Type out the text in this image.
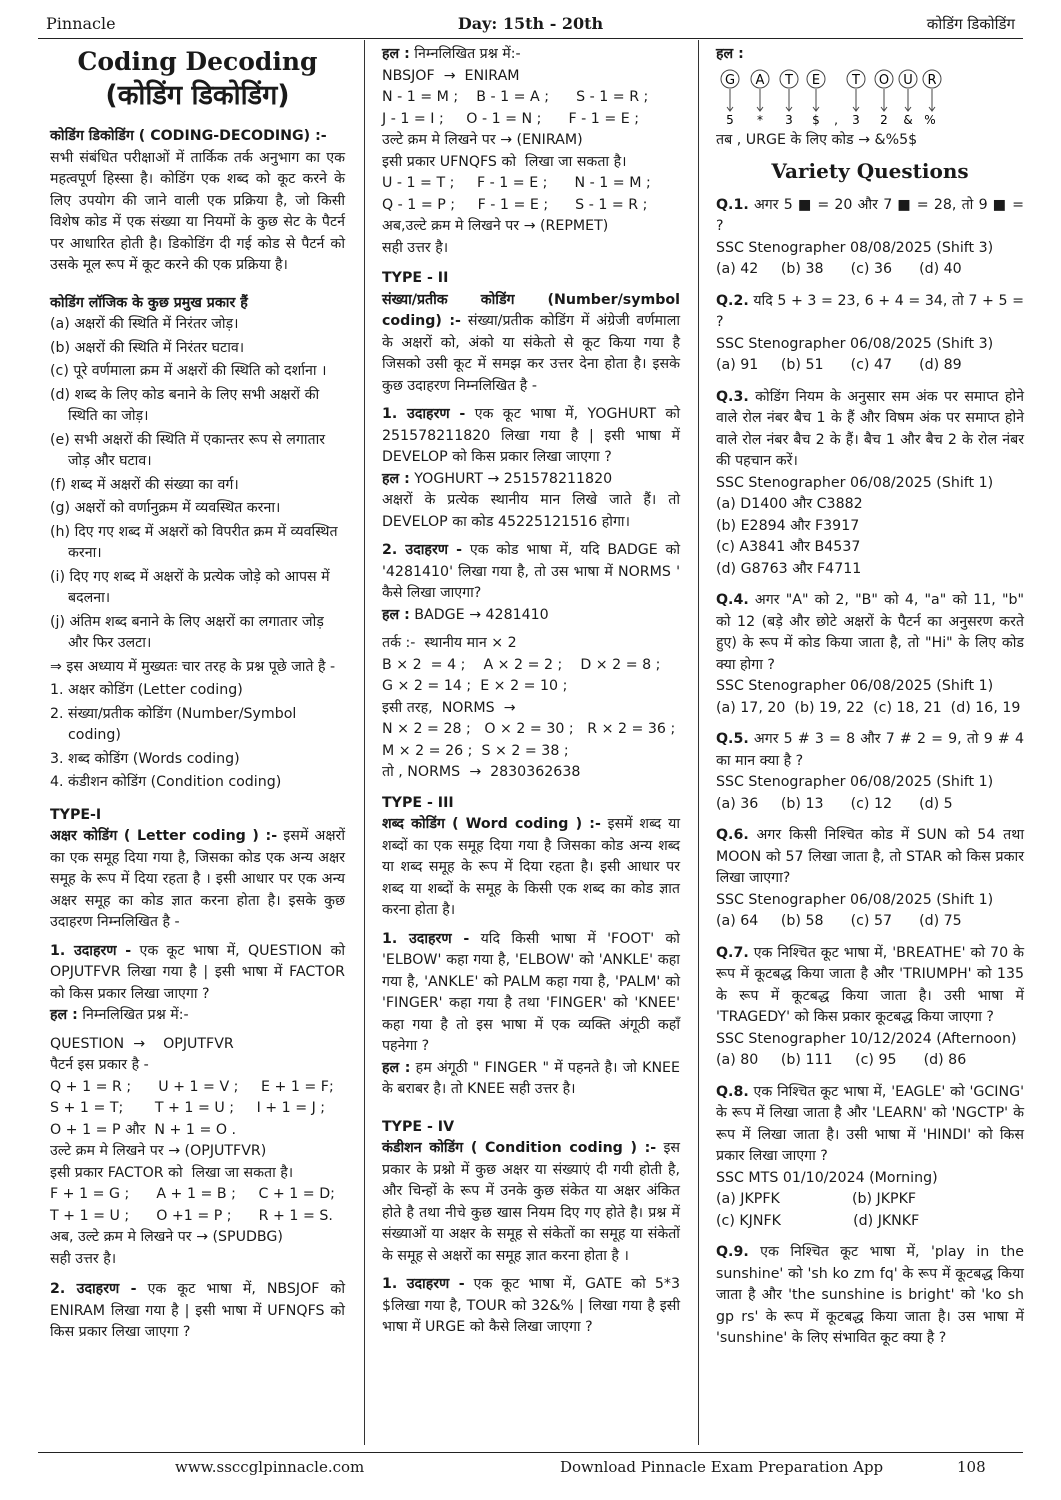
Pinnacle	Day: 15th - 20th	कोडिंग डिकोडिंग
Coding Decoding
(कोडिंग डिकोडिंग)

कोडिंग डिकोडिंग ( CODING-DECODING) :-
सभी संबंधित परीक्षाओं में तार्किक तर्क अनुभाग का एक महत्वपूर्ण हिस्सा है। कोडिंग एक शब्द को कूट करने के लिए उपयोग की जाने वाली एक प्रक्रिया है, जो किसी विशेष कोड में एक संख्या या नियमों के कुछ सेट के पैटर्न पर आधारित होती है। डिकोडिंग दी गई कोड से पैटर्न को उसके मूल रूप में कूट करने की एक प्रक्रिया है।

कोडिंग लॉजिक के कुछ प्रमुख प्रकार हैं
(a) अक्षरों की स्थिति में निरंतर जोड़।
(b) अक्षरों की स्थिति में निरंतर घटाव।
(c) पूरे वर्णमाला क्रम में अक्षरों की स्थिति को दर्शाना ।
(d) शब्द के लिए कोड बनाने के लिए सभी अक्षरों की स्थिति का जोड़।
(e) सभी अक्षरों की स्थिति में एकान्तर रूप से लगातार जोड़ और घटाव।
(f) शब्द में अक्षरों की संख्या का वर्ग।
(g) अक्षरों को वर्णानुक्रम में व्यवस्थित करना।
(h) दिए गए शब्द में अक्षरों को विपरीत क्रम में व्यवस्थित करना।
(i) दिए गए शब्द में अक्षरों के प्रत्येक जोड़े को आपस में बदलना।
(j) अंतिम शब्द बनाने के लिए अक्षरों का लगातार जोड़ और फिर उलटा।
⇒ इस अध्याय में मुख्यतः चार तरह के प्रश्न पूछे जाते है -
1. अक्षर कोडिंग (Letter coding)
2. संख्या/प्रतीक कोडिंग (Number/Symbol coding)
3. शब्द कोडिंग (Words coding)
4. कंडीशन कोडिंग (Condition coding)
TYPE-I

अक्षर कोडिंग ( Letter coding ) :- इसमें अक्षरों का एक समूह दिया गया है, जिसका कोड एक अन्य अक्षर समूह के रूप में दिया रहता है । इसी आधार पर एक अन्य अक्षर समूह का कोड ज्ञात करना होता है। इसके कुछ उदाहरण निम्नलिखित है -

1. उदाहरण - एक कूट भाषा में, QUESTION को OPJUTFVR लिखा गया है | इसी भाषा में FACTOR को किस प्रकार लिखा जाएगा ?
हल : निम्नलिखित प्रश्न में:-

QUESTION  →    OPJUTFVR
पैटर्न इस प्रकार है -
Q + 1 = R ;      U + 1 = V ;     E + 1 = F;
S + 1 = T;       T + 1 = U ;     I + 1 = J ;
O + 1 = P और  N + 1 = O .
उल्टे क्रम मे लिखने पर → (OPJUTFVR)
इसी प्रकार FACTOR को  लिखा जा सकता है।
F + 1 = G ;      A + 1 = B ;     C + 1 = D;
T + 1 = U ;      O +1 = P ;      R + 1 = S.
अब, उल्टे क्रम मे लिखने पर → (SPUDBG)
सही उत्तर है।

2. उदाहरण - एक कूट भाषा में, NBSJOF को ENIRAM लिखा गया है | इसी भाषा में UFNQFS को किस प्रकार लिखा जाएगा ?

हल : निम्नलिखित प्रश्न में:-
NBSJOF  →  ENIRAM
N - 1 = M ;    B - 1 = A ;      S - 1 = R ;
J - 1 = I ;     O - 1 = N ;      F - 1 = E ;
उल्टे क्रम मे लिखने पर → (ENIRAM)
इसी प्रकार UFNQFS को  लिखा जा सकता है।
U - 1 = T ;     F - 1 = E ;      N - 1 = M ;
Q - 1 = P ;     F - 1 = E ;      S - 1 = R ;
अब,उल्टे क्रम मे लिखने पर → (REPMET)
सही उत्तर है।
TYPE - II

संख्या/प्रतीक कोडिंग (Number/symbol coding) :- संख्या/प्रतीक कोडिंग में अंग्रेजी वर्णमाला के अक्षरों को, अंको या संकेतो से कूट किया गया है जिसको उसी कूट में समझ कर उत्तर देना होता है। इसके कुछ उदाहरण निम्नलिखित है -

1. उदाहरण - एक कूट भाषा में, YOGHURT को 251578211820 लिखा गया है | इसी भाषा में DEVELOP को किस प्रकार लिखा जाएगा ?
हल : YOGHURT → 251578211820
अक्षरों के प्रत्येक स्थानीय मान लिखे जाते हैं। तो DEVELOP का कोड 45225121516 होगा।

2. उदाहरण - एक कोड भाषा में, यदि BADGE को '4281410' लिखा गया है, तो उस भाषा में NORMS ' कैसे लिखा जाएगा?
हल : BADGE → 4281410

तर्क :-  स्थानीय मान × 2
B × 2  = 4 ;    A × 2 = 2 ;    D × 2 = 8 ;
G × 2 = 14 ;  E × 2 = 10 ;
इसी तरह,  NORMS  →
N × 2 = 28 ;   O × 2 = 30 ;   R × 2 = 36 ;
M × 2 = 26 ;  S × 2 = 38 ;
तो , NORMS  →  2830362638
TYPE - III

शब्द कोडिंग ( Word coding ) :- इसमें शब्द या शब्दों का एक समूह दिया गया है जिसका कोड अन्य शब्द या शब्द समूह के रूप में दिया रहता है। इसी आधार पर शब्द या शब्दों के समूह के किसी एक शब्द का कोड ज्ञात करना होता है।

1. उदाहरण - यदि किसी भाषा में 'FOOT' को 'ELBOW' कहा गया है, 'ELBOW' को 'ANKLE' कहा गया है, 'ANKLE' को PALM कहा गया है, 'PALM' को 'FINGER' कहा गया है तथा 'FINGER' को 'KNEE' कहा गया है तो इस भाषा में एक व्यक्ति अंगूठी कहाँ पहनेगा ?
हल : हम अंगूठी " FINGER " में पहनते है। जो KNEE के बराबर है। तो KNEE सही उत्तर है।

TYPE - IV

कंडीशन कोडिंग ( Condition coding ) :- इस प्रकार के प्रश्नो में कुछ अक्षर या संख्याएं दी गयी होती है, और चिन्हों के रूप में उनके कुछ संकेत या अक्षर अंकित होते है तथा नीचे कुछ खास नियम दिए गए होते है। प्रश्न में संख्याओं या अक्षर के समूह से संकेतों का समूह या संकेतों के समूह से अक्षरों का समूह ज्ञात करना होता है ।

1. उदाहरण - एक कूट भाषा में, GATE को 5*3 $लिखा गया है, TOUR को 32&% | लिखा गया है इसी भाषा में URGE को कैसे लिखा जाएगा ?

हल :
G A T E T O U R
5 * 3 $ , 3 2 & %
तब , URGE के लिए कोड → &%5$
Variety Questions

Q.1. अगर 5 ■ = 20 और 7 ■ = 28, तो 9 ■ = ?

SSC Stenographer 08/08/2025 (Shift 3)
(a) 42     (b) 38      (c) 36      (d) 40

Q.2. यदि 5 + 3 = 23, 6 + 4 = 34, तो 7 + 5 = ?

SSC Stenographer 06/08/2025 (Shift 3)
(a) 91     (b) 51      (c) 47      (d) 89

Q.3. कोडिंग नियम के अनुसार सम अंक पर समाप्त होने वाले रोल नंबर बैच 1 के हैं और विषम अंक पर समाप्त होने वाले रोल नंबर बैच 2 के हैं। बैच 1 और बैच 2 के रोल नंबर की पहचान करें।

SSC Stenographer 06/08/2025 (Shift 1)
(a) D1400 और C3882
(b) E2894 और F3917
(c) A3841 और B4537
(d) G8763 और F4711

Q.4. अगर "A" को 2, "B" को 4, "a" को 11, "b" को 12 (बड़े और छोटे अक्षरों के पैटर्न का अनुसरण करते हुए) के रूप में कोड किया जाता है, तो "Hi" के लिए कोड क्या होगा ?

SSC Stenographer 06/08/2025 (Shift 1)
(a) 17, 20  (b) 19, 22  (c) 18, 21  (d) 16, 19

Q.5. अगर 5 # 3 = 8 और 7 # 2 = 9, तो 9 # 4 का मान क्या है ?

SSC Stenographer 06/08/2025 (Shift 1)
(a) 36     (b) 13      (c) 12      (d) 5

Q.6. अगर किसी निश्चित कोड में SUN को 54 तथा MOON को 57 लिखा जाता है, तो STAR को किस प्रकार लिखा जाएगा?

SSC Stenographer 06/08/2025 (Shift 1)
(a) 64     (b) 58      (c) 57      (d) 75

Q.7. एक निश्चित कूट भाषा में, 'BREATHE' को 70 के रूप में कूटबद्ध किया जाता है और 'TRIUMPH' को 135 के रूप में कूटबद्ध किया जाता है। उसी भाषा में 'TRAGEDY' को किस प्रकार कूटबद्ध किया जाएगा ?

SSC Stenographer 10/12/2024 (Afternoon)
(a) 80     (b) 111     (c) 95      (d) 86

Q.8. एक निश्चित कूट भाषा में, 'EAGLE' को 'GCING' के रूप में लिखा जाता है और 'LEARN' को 'NGCTP' के रूप में लिखा जाता है। उसी भाषा में 'HINDI' को किस प्रकार लिखा जाएगा ?

SSC MTS 01/10/2024 (Morning)
(a) JKPFK                (b) JKPKF
(c) KJNFK                (d) JKNKF

Q.9. एक निश्चित कूट भाषा में, 'play in the sunshine' को 'sh ko zm fq' के रूप में कूटबद्ध किया जाता है और 'the sunshine is bright' को 'ko sh gp rs' के रूप में कूटबद्ध किया जाता है। उस भाषा में 'sunshine' के लिए संभावित कूट क्या है ?

www.ssccglpinnacle.com	Download Pinnacle Exam Preparation App	108
